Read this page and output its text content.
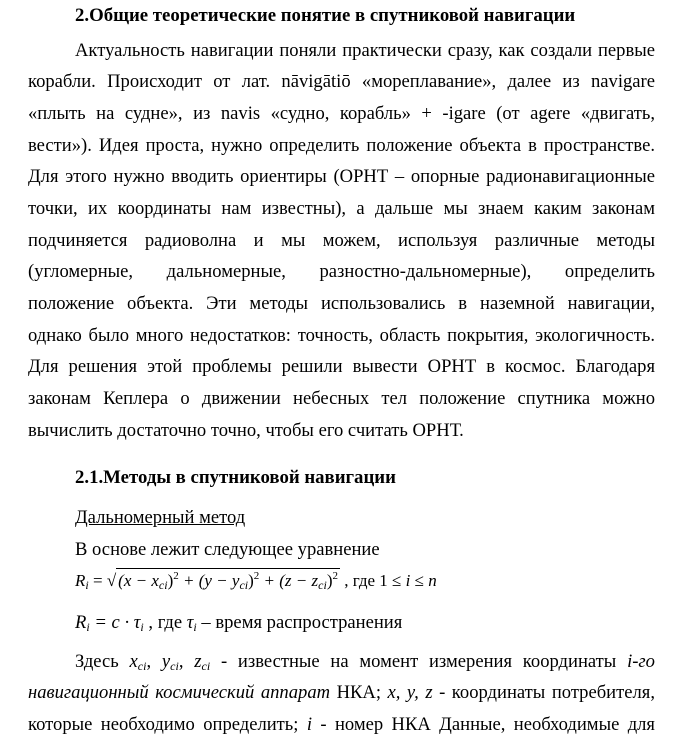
2.Общие теоретические понятие в спутниковой навигации
Актуальность навигации поняли практически сразу, как создали первые
корабли. Происходит от лат. nāvigātiō «мореплавание», далее из navigare
«плыть на судне», из navis «судно, корабль» + -igare (от agere «двигать,
вести»). Идея проста, нужно определить положение объекта в пространстве.
Для этого нужно вводить ориентиры (ОРНТ – опорные радионавигационные
точки, их координаты нам известны), а дальше мы знаем каким законам
подчиняется радиоволна и мы можем, используя различные методы
(угломерные, дальномерные, разностно-дальномерные), определить
положение объекта. Эти методы использовались в наземной навигации,
однако было много недостатков: точность, область покрытия, экологичность.
Для решения этой проблемы решили вывести ОРНТ в космос. Благодаря
законам Кеплера о движении небесных тел положение спутника можно
вычислить достаточно точно, чтобы его считать ОРНТ.
2.1.Методы в спутниковой навигации
Дальномерный метод
В основе лежит следующее уравнение
$R_i$ = √ $(x - x_{ci})^2 + (y - y_{ci})^2 + (z - z_{ci})^2$ , где 1 ≤ i ≤ n
$R_i = c \cdot \tau_i$ , где $\tau_i$ – время распространения
Здесь $x_{ci}$, $y_{ci}$, $z_{ci}$ - известные на момент измерения координаты i-го
навигационный космический аппарат НКА; x, y, z - координаты потребителя,
которые необходимо определить; i - номер НКА Данные, необходимые для
